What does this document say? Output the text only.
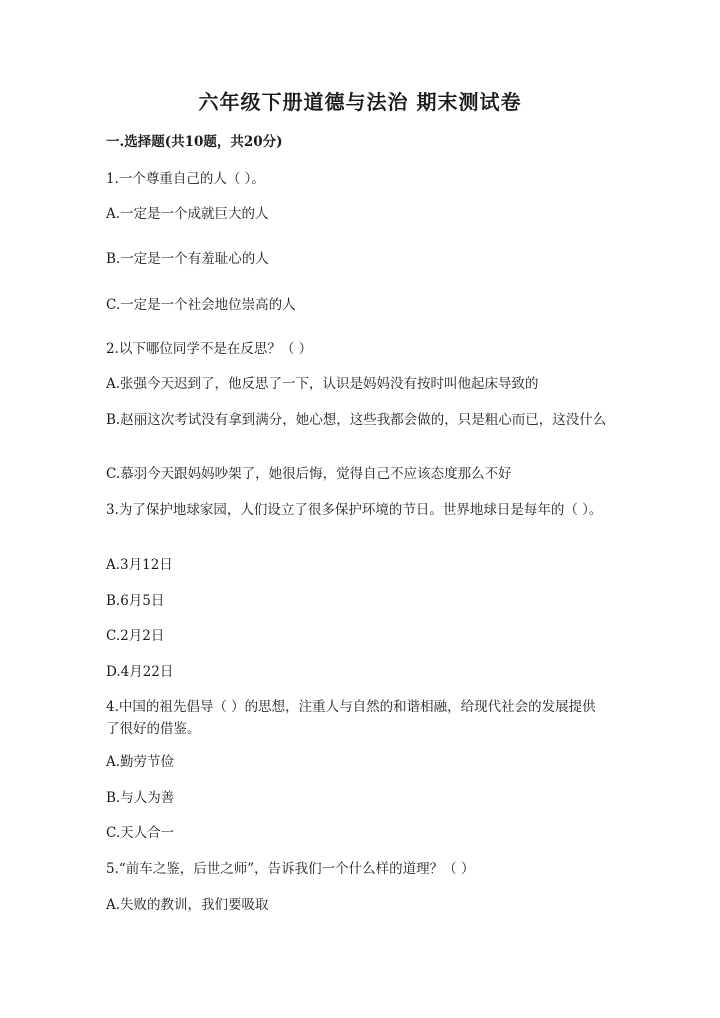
六年级下册道德与法治 期末测试卷
一.选择题(共10题，共20分)
1.一个尊重自己的人（ ）。
A.一定是一个成就巨大的人
B.一定是一个有羞耻心的人
C.一定是一个社会地位崇高的人
2.以下哪位同学不是在反思？（ ）
A.张强今天迟到了，他反思了一下，认识是妈妈没有按时叫他起床导致的
B.赵丽这次考试没有拿到满分，她心想，这些我都会做的，只是粗心而已，这没什么
C.慕羽今天跟妈妈吵架了，她很后悔，觉得自己不应该态度那么不好
3.为了保护地球家园，人们设立了很多保护环境的节日。世界地球日是每年的（ ）。
A.3月12日
B.6月5日
C.2月2日
D.4月22日
4.中国的祖先倡导（ ）的思想，注重人与自然的和谐相融，给现代社会的发展提供了很好的借鉴。
A.勤劳节俭
B.与人为善
C.天人合一
5.“前车之鉴，后世之师”，告诉我们一个什么样的道理？（ ）
A.失败的教训，我们要吸取
